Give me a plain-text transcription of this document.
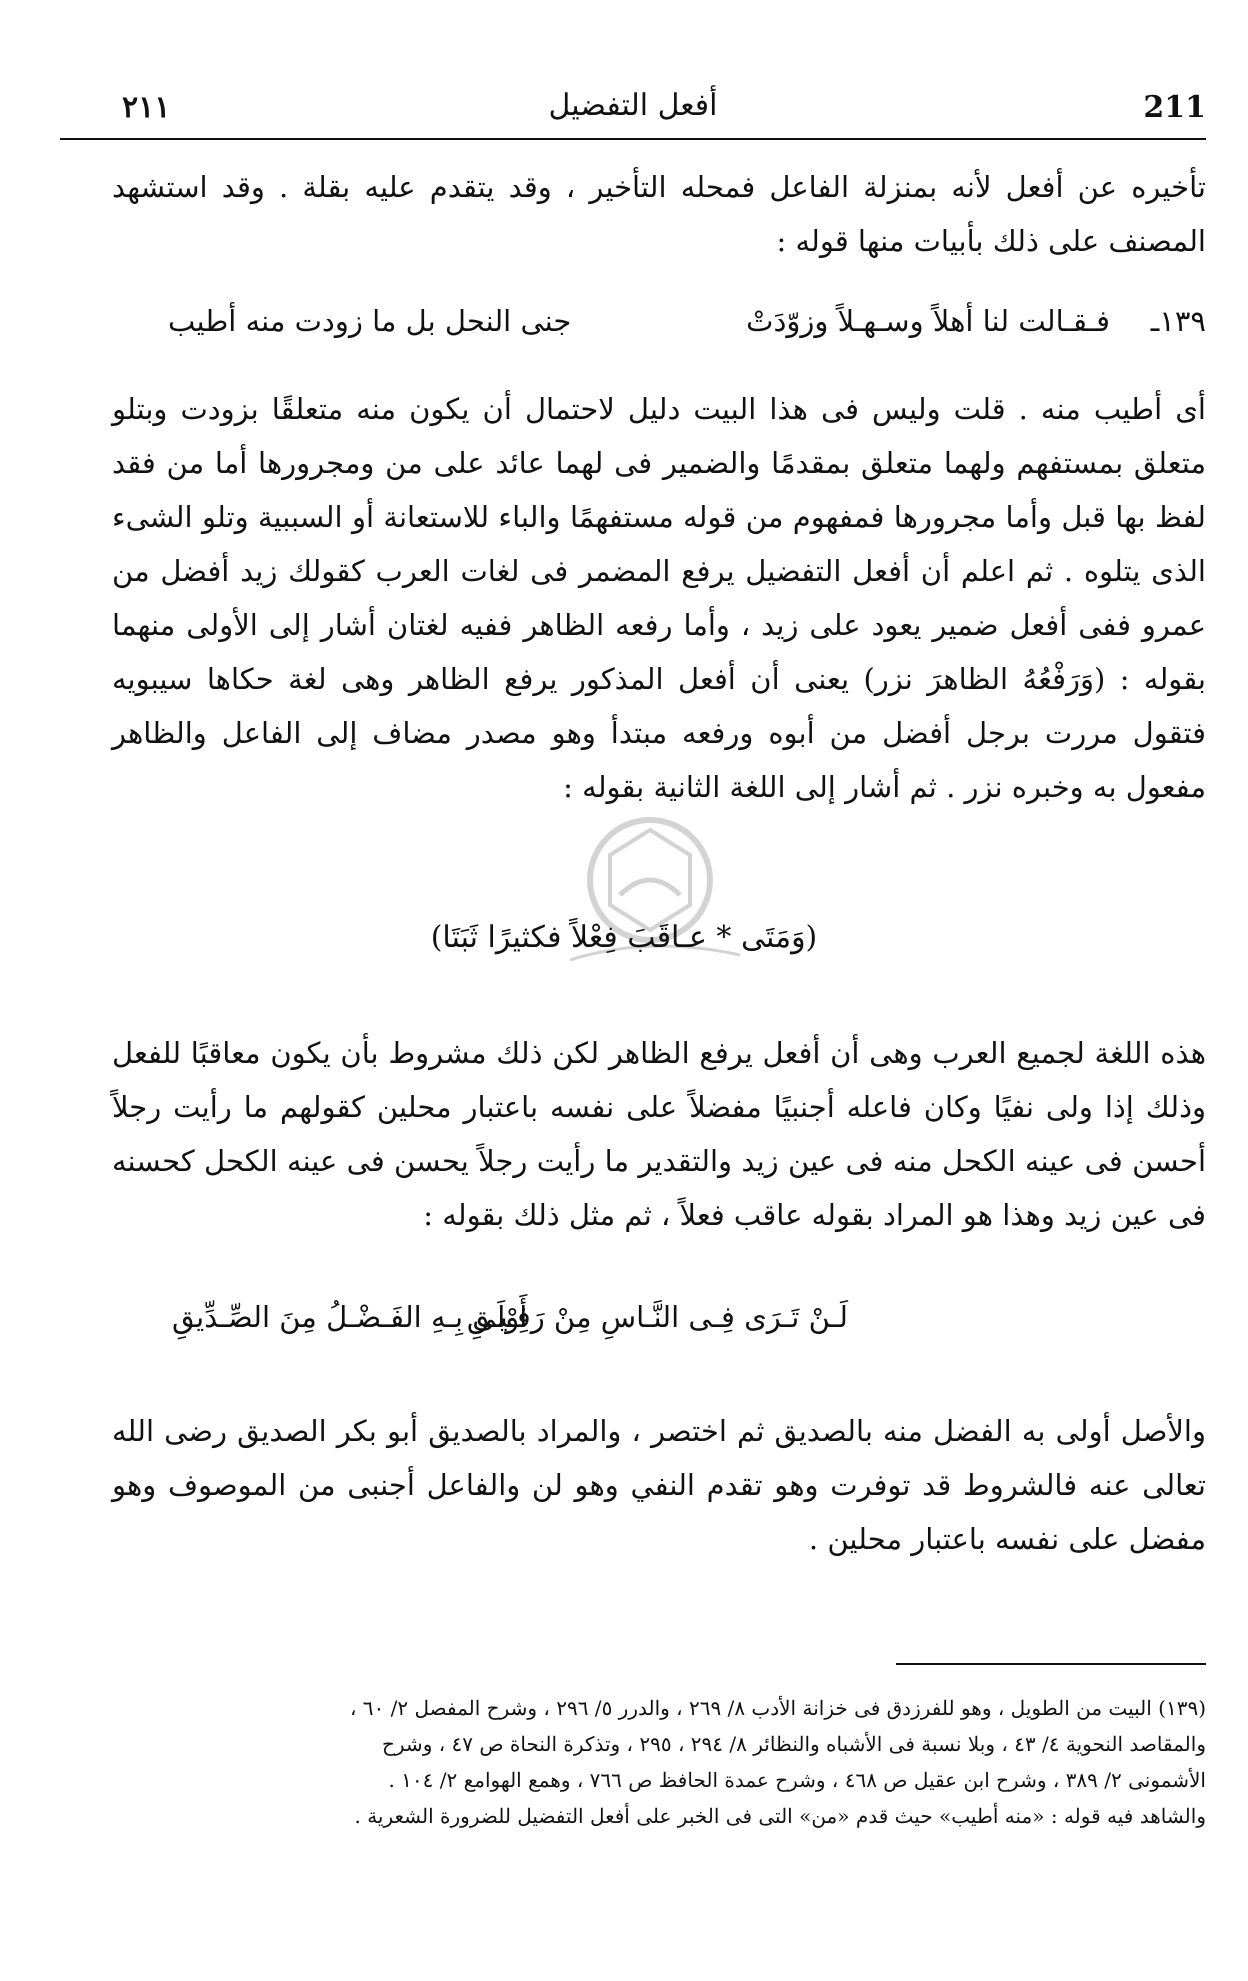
211
أفعل التفضيل
٢١١
تأخيره عن أفعل لأنه بمنزلة الفاعل فمحله التأخير ، وقد يتقدم عليه بقلة . وقد استشهد المصنف على ذلك بأبيات منها قوله :
١٣٩ـ
فـقـالت لنا أهلاً وسـهـلاً وزوّدَتْ
جنى النحل بل ما زودت منه أطيب
أى أطيب منه . قلت وليس فى هذا البيت دليل لاحتمال أن يكون منه متعلقًا بزودت وبتلو متعلق بمستفهم ولهما متعلق بمقدمًا والضمير فى لهما عائد على من ومجرورها أما من فقد لفظ بها قبل وأما مجرورها فمفهوم من قوله مستفهمًا والباء للاستعانة أو السببية وتلو الشىء الذى يتلوه . ثم اعلم أن أفعل التفضيل يرفع المضمر فى لغات العرب كقولك زيد أفضل من عمرو ففى أفعل ضمير يعود على زيد ، وأما رفعه الظاهر ففيه لغتان أشار إلى الأولى منهما بقوله : (وَرَفْعُهُ الظاهرَ نزر) يعنى أن أفعل المذكور يرفع الظاهر وهى لغة حكاها سيبويه فتقول مررت برجل أفضل من أبوه ورفعه مبتدأ وهو مصدر مضاف إلى الفاعل والظاهر مفعول به وخبره نزر . ثم أشار إلى اللغة الثانية بقوله :
(وَمَتَى * عـاقَبَ فِعْلاً فكثيرًا ثَبَتَا)
هذه اللغة لجميع العرب وهى أن أفعل يرفع الظاهر لكن ذلك مشروط بأن يكون معاقبًا للفعل وذلك إذا ولى نفيًا وكان فاعله أجنبيًا مفضلاً على نفسه باعتبار محلين كقولهم ما رأيت رجلاً أحسن فى عينه الكحل منه فى عين زيد والتقدير ما رأيت رجلاً يحسن فى عينه الكحل كحسنه فى عين زيد وهذا هو المراد بقوله عاقب فعلاً ، ثم مثل ذلك بقوله :
لَـنْ تَـرَى فِـى النَّـاسِ مِنْ رَفِـيـقِ
أَوْلَى بِـهِ الفَـضْـلُ مِنَ الصِّـدِّيقِ
والأصل أولى به الفضل منه بالصديق ثم اختصر ، والمراد بالصديق أبو بكر الصديق رضى الله تعالى عنه فالشروط قد توفرت وهو تقدم النفي وهو لن والفاعل أجنبى من الموصوف وهو مفضل على نفسه باعتبار محلين .
(١٣٩) البيت من الطويل ، وهو للفرزدق فى خزانة الأدب ٨/ ٢٦٩ ، والدرر ٥/ ٢٩٦ ، وشرح المفصل ٢/ ٦٠ ،
والمقاصد النحوية ٤/ ٤٣ ، وبلا نسبة فى الأشباه والنظائر ٨/ ٢٩٤ ، ٢٩٥ ، وتذكرة النحاة ص ٤٧ ، وشرح
الأشمونى ٢/ ٣٨٩ ، وشرح ابن عقيل ص ٤٦٨ ، وشرح عمدة الحافظ ص ٧٦٦ ، وهمع الهوامع ٢/ ١٠٤ .
والشاهد فيه قوله : «منه أطيب» حيث قدم «من» التى فى الخبر على أفعل التفضيل للضرورة الشعرية .
